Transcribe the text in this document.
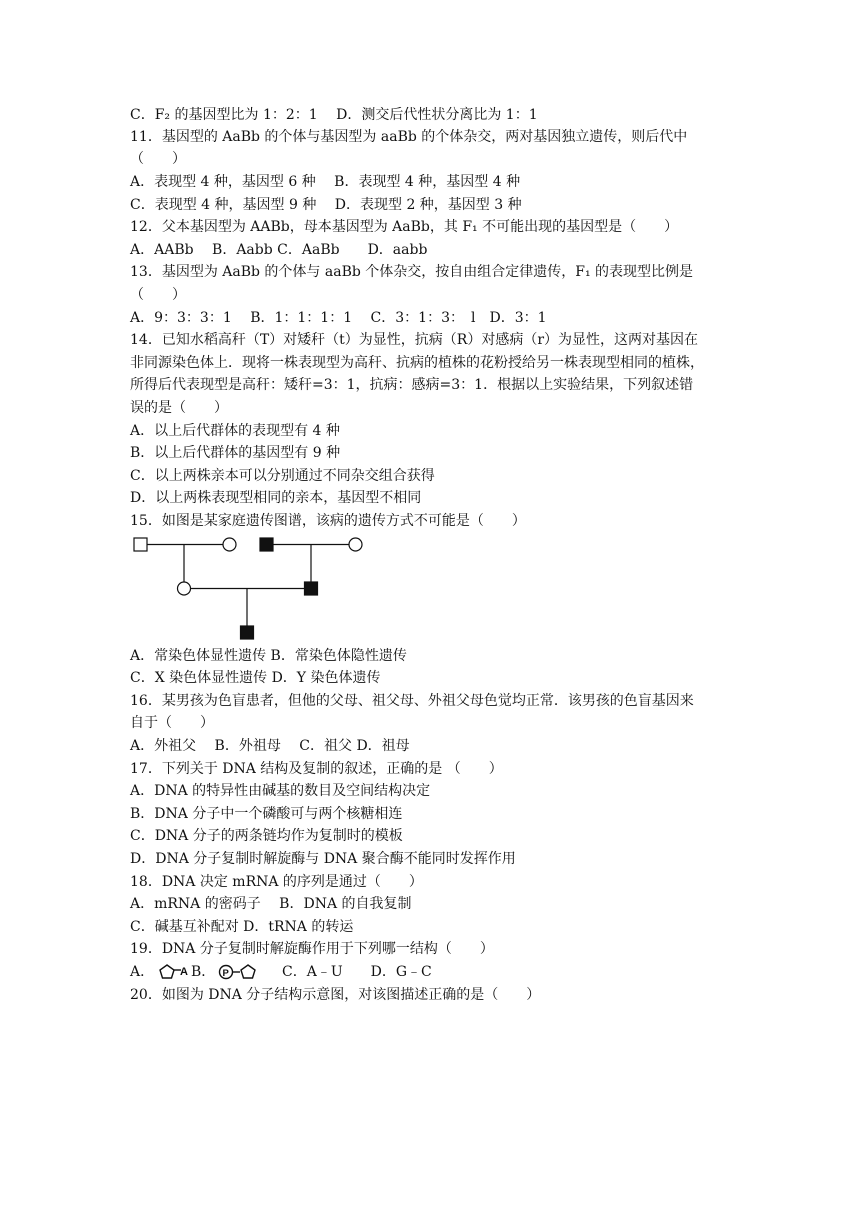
C．F₂ 的基因型比为 1：2：1　 D．测交后代性状分离比为 1：1
11．基因型的 AaBb 的个体与基因型为 aaBb 的个体杂交，两对基因独立遗传，则后代中
（　　）
A．表现型 4 种，基因型 6 种　 B．表现型 4 种，基因型 4 种
C．表现型 4 种，基因型 9 种　 D．表现型 2 种，基因型 3 种
12．父本基因型为 AABb，母本基因型为 AaBb，其 F₁ 不可能出现的基因型是（　　）
A．AABb　 B．Aabb C．AaBb　　D．aabb
13．基因型为 AaBb 的个体与 aaBb 个体杂交，按自由组合定律遗传，F₁ 的表现型比例是
（　　）
A．9：3：3：1　 B．1：1：1：1　 C．3：1：3：　l　D．3：1
14．已知水稻高秆（T）对矮秆（t）为显性，抗病（R）对感病（r）为显性，这两对基因在
非同源染色体上．现将一株表现型为高秆、抗病的植株的花粉授给另一株表现型相同的植株，
所得后代表现型是高秆：矮秆=3：1，抗病：感病=3：1．根据以上实验结果，下列叙述错
误的是（　　）
A．以上后代群体的表现型有 4 种
B．以上后代群体的基因型有 9 种
C．以上两株亲本可以分别通过不同杂交组合获得
D．以上两株表现型相同的亲本，基因型不相同
15．如图是某家庭遗传图谱，该病的遗传方式不可能是（　　）
A．常染色体显性遗传 B．常染色体隐性遗传
C．X 染色体显性遗传 D．Y 染色体遗传
16．某男孩为色盲患者，但他的父母、祖父母、外祖父母色觉均正常．该男孩的色盲基因来
自于（　　）
A．外祖父　 B．外祖母　 C．祖父 D．祖母
17．下列关于 DNA 结构及复制的叙述，正确的是 （　　）
A．DNA 的特异性由碱基的数目及空间结构决定
B．DNA 分子中一个磷酸可与两个核糖相连
C．DNA 分子的两条链均作为复制时的模板
D．DNA 分子复制时解旋酶与 DNA 聚合酶不能同时发挥作用
18．DNA 决定 mRNA 的序列是通过（　　）
A．mRNA 的密码子　 B．DNA 的自我复制
C．碱基互补配对 D．tRNA 的转运
19．DNA 分子复制时解旋酶作用于下列哪一结构（　　）
A． A B． P	C．A﹣U　　D．G﹣C
20．如图为 DNA 分子结构示意图，对该图描述正确的是（　　）
